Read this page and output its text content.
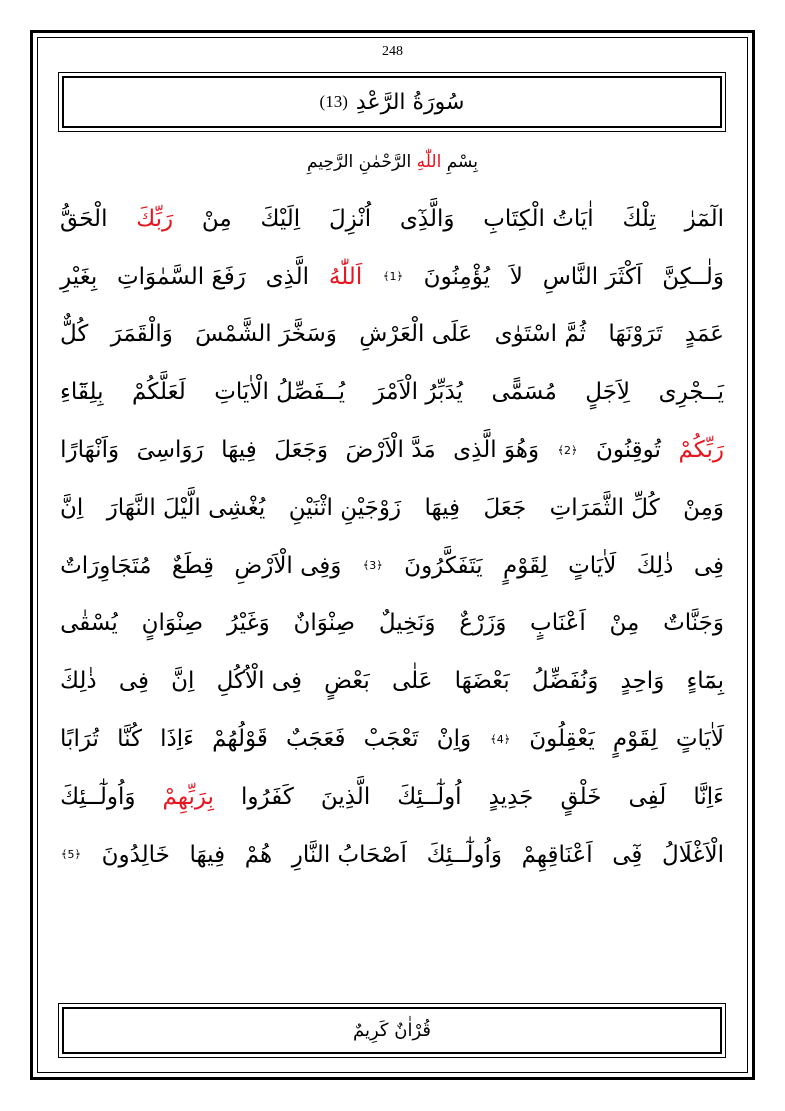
248
سُورَةُ الرَّعْدِ
(13)
بِسْمِ اللّٰهِ الرَّحْمٰنِ الرَّحِيمِ
الٓمٓرٰ
تِلْكَ
اٰيَاتُ الْكِتَابِ
وَالَّذِٓى
اُنْزِلَ
اِلَيْكَ
مِنْ
رَبِّكَ
الْحَقُّ
وَلٰــكِنَّ
اَكْثَرَ النَّاسِ
لاَ
يُؤْمِنُونَ
﴿1﴾
اَللّٰهُ
الَّذِى
رَفَعَ السَّمٰوَاتِ
بِغَيْرِ
عَمَدٍ
تَرَوْنَهَا
ثُمَّ اسْتَوٰى
عَلَى الْعَرْشِ
وَسَخَّرَ الشَّمْسَ
وَالْقَمَرَ
كُلٌّ
يَــجْرِى
لِاَجَلٍ
مُسَمًّى
يُدَبِّرُ الْاَمْرَ
يُــفَصِّلُ الْاٰيَاتِ
لَعَلَّكُمْ
بِلِقَٓاءِ
رَبِّكُمْ
تُوقِنُونَ
﴿2﴾
وَهُوَ الَّذِى
مَدَّ الْاَرْضَ
وَجَعَلَ
فِيهَا
رَوَاسِىَ
وَاَنْهَارًا
وَمِنْ
كُلِّ الثَّمَرَاتِ
جَعَلَ
فِيهَا
زَوْجَيْنِ اثْنَيْنِ
يُغْشِى الَّيْلَ النَّهَارَ
اِنَّ
فِى
ذٰلِكَ
لَاٰيَاتٍ
لِقَوْمٍ
يَتَفَكَّرُونَ
﴿3﴾
وَفِى الْاَرْضِ
قِطَعٌ
مُتَجَاوِرَاتٌ
وَجَنَّاتٌ
مِنْ
اَعْنَابٍ
وَزَرْعٌ
وَنَخِيلٌ
صِنْوَانٌ
وَغَيْرُ
صِنْوَانٍ
يُسْقٰى
بِمَٓاءٍ
وَاحِدٍ
وَنُفَضِّلُ
بَعْضَهَا
عَلٰى
بَعْضٍ
فِى الْاُكُلِ
اِنَّ
فِى
ذٰلِكَ
لَاٰيَاتٍ
لِقَوْمٍ
يَعْقِلُونَ
﴿4﴾
وَاِنْ
تَعْجَبْ
فَعَجَبٌ
قَوْلُهُمْ
ءَاِذَا
كُنَّا
تُرَابًا
ءَاِنَّا
لَفِى
خَلْقٍ
جَدِيدٍ
اُولٰٓــئِكَ
الَّذِينَ
كَفَرُوا
بِرَبِّهِمْ
وَاُولٰٓــئِكَ
الْاَغْلَالُ
فِٓى
اَعْنَاقِهِمْ
وَاُولٰٓــئِكَ
اَصْحَابُ النَّارِ
هُمْ
فِيهَا
خَالِدُونَ
﴿5﴾
قُرْاٰنٌ كَرِيمٌ
